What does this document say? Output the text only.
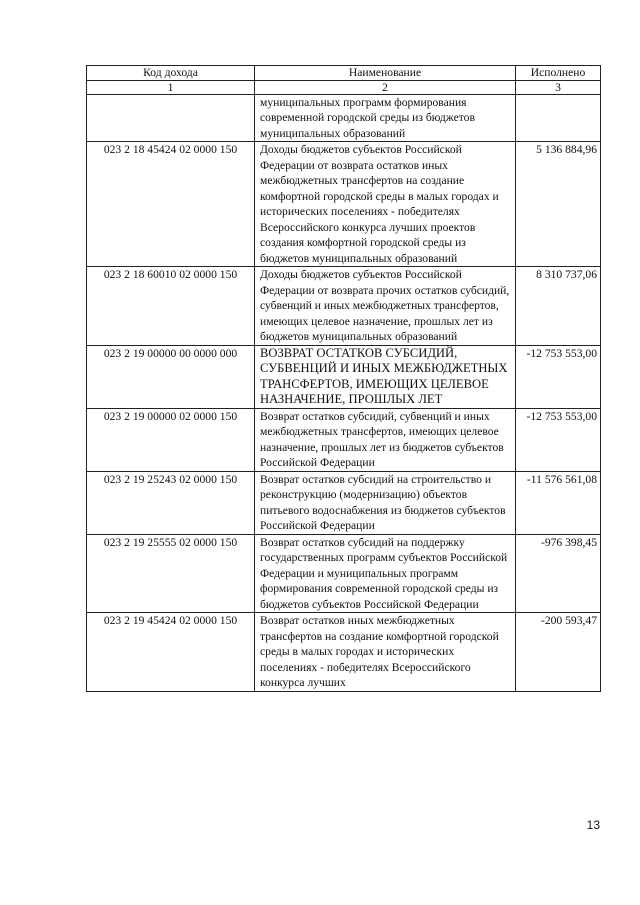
Код дохода	Наименование	Исполнено
1	2	3
	муниципальных программ формирования современной городской среды из бюджетов муниципальных образований	
023 2 18 45424 02 0000 150	Доходы бюджетов субъектов Российской Федерации от возврата остатков иных межбюджетных трансфертов на создание комфортной городской среды в малых городах и исторических поселениях - победителях Всероссийского конкурса лучших проектов создания комфортной городской среды из бюджетов муниципальных образований	5 136 884,96
023 2 18 60010 02 0000 150	Доходы бюджетов субъектов Российской Федерации от возврата прочих остатков субсидий, субвенций и иных межбюджетных трансфертов, имеющих целевое назначение, прошлых лет из бюджетов муниципальных образований	8 310 737,06
023 2 19 00000 00 0000 000	ВОЗВРАТ ОСТАТКОВ СУБСИДИЙ, СУБВЕНЦИЙ И ИНЫХ МЕЖБЮДЖЕТНЫХ ТРАНСФЕРТОВ, ИМЕЮЩИХ ЦЕЛЕВОЕ НАЗНАЧЕНИЕ, ПРОШЛЫХ ЛЕТ	-12 753 553,00
023 2 19 00000 02 0000 150	Возврат остатков субсидий, субвенций и иных межбюджетных трансфертов, имеющих целевое назначение, прошлых лет из бюджетов субъектов Российской Федерации	-12 753 553,00
023 2 19 25243 02 0000 150	Возврат остатков субсидий на строительство и реконструкцию (модернизацию) объектов питьевого водоснабжения из бюджетов субъектов Российской Федерации	-11 576 561,08
023 2 19 25555 02 0000 150	Возврат остатков субсидий на поддержку государственных программ субъектов Российской Федерации и муниципальных программ формирования современной городской среды из бюджетов субъектов Российской Федерации	-976 398,45
023 2 19 45424 02 0000 150	Возврат остатков иных межбюджетных трансфертов на создание комфортной городской среды в малых городах и исторических поселениях - победителях Всероссийского конкурса лучших	-200 593,47
13
